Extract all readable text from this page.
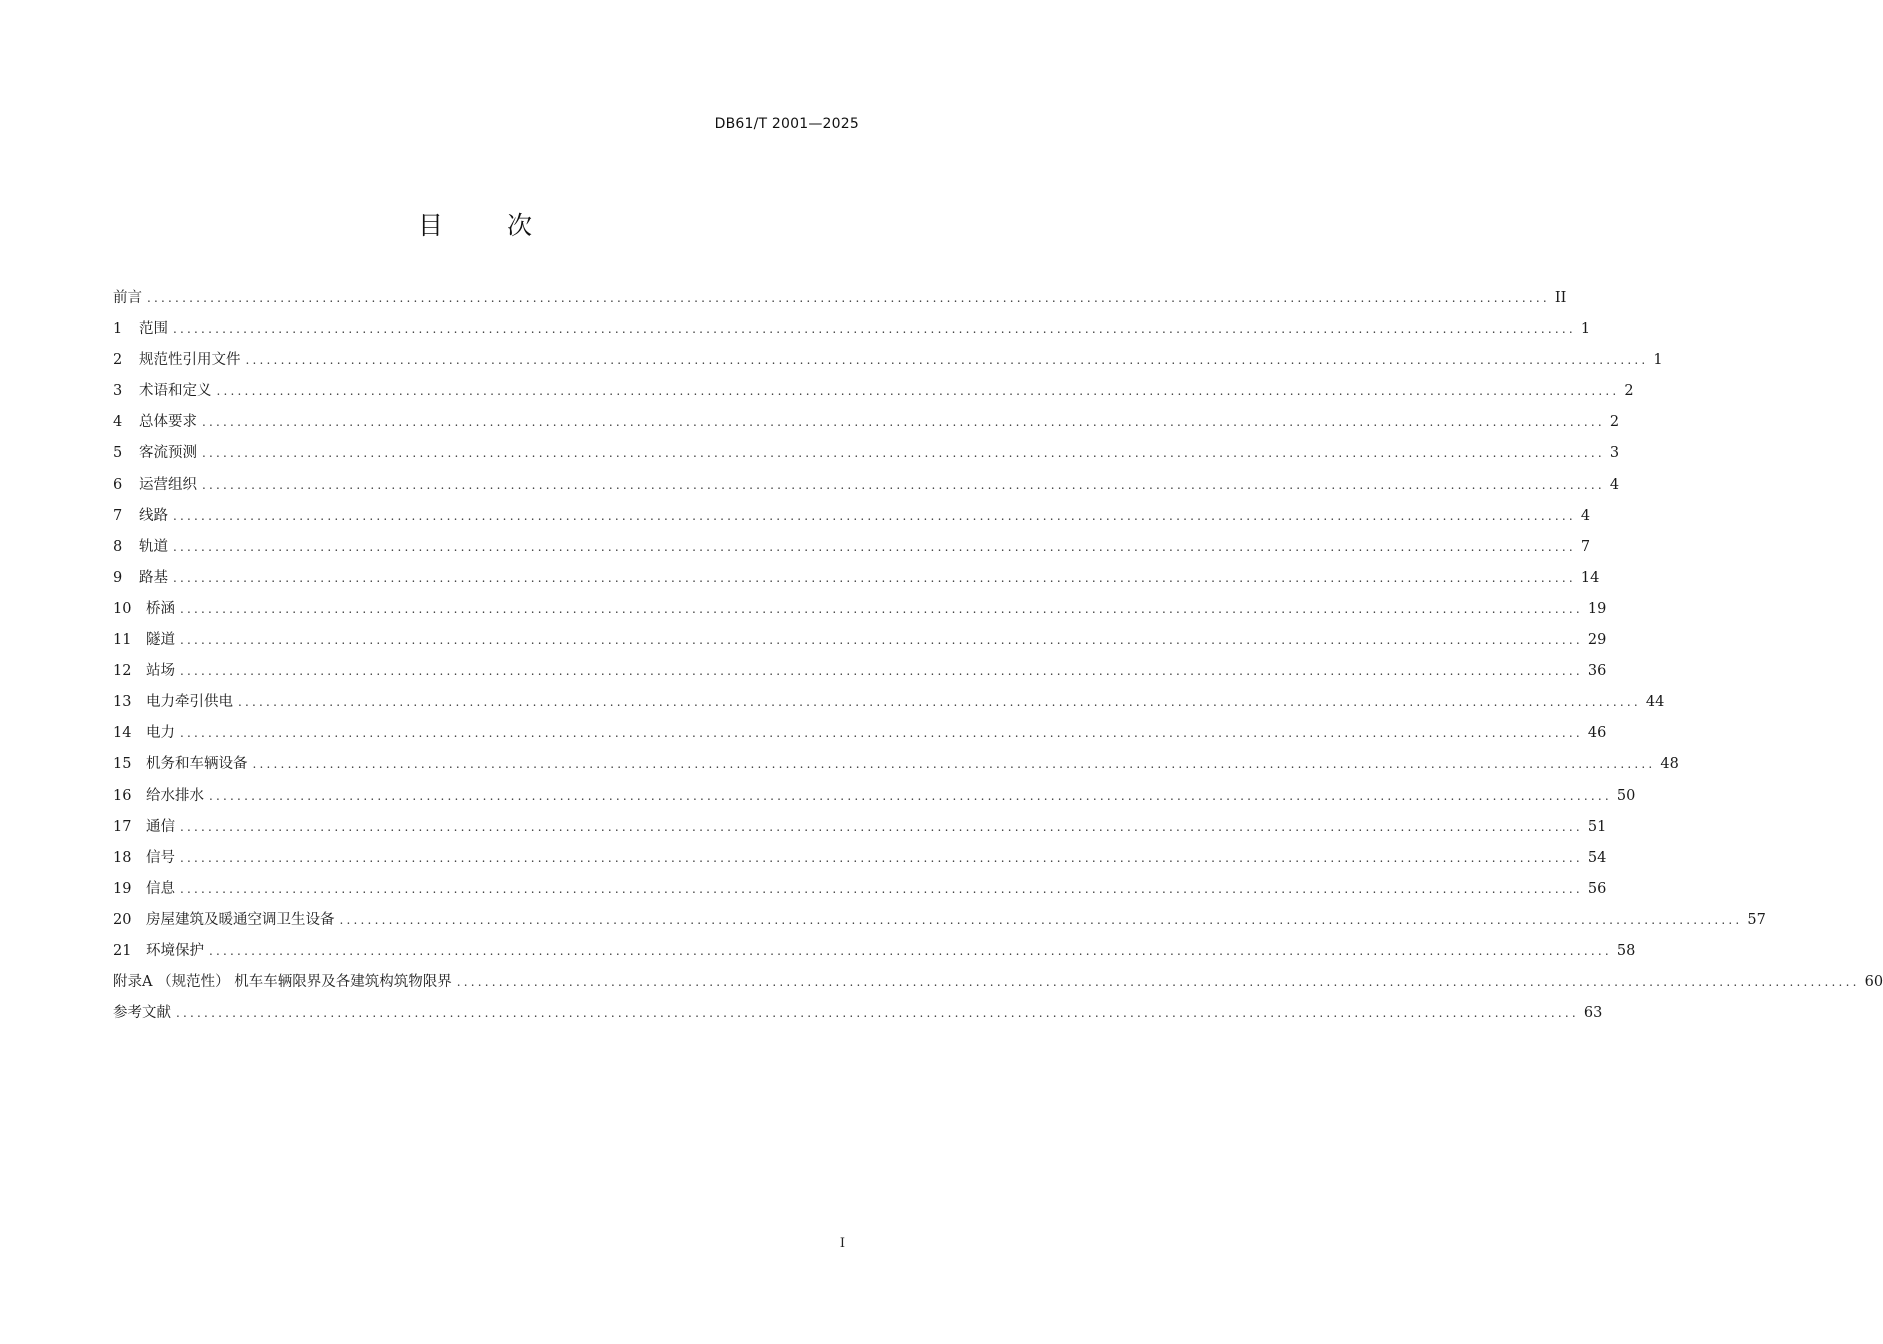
DB61/T 2001—2025
目	次
前言 ........................................................................................................................................................................................................ II
1	范围 ........................................................................................................................................................................................................ 1
2	规范性引用文件 ........................................................................................................................................................................................................ 1
3	术语和定义 ........................................................................................................................................................................................................ 2
4	总体要求 ........................................................................................................................................................................................................ 2
5	客流预测 ........................................................................................................................................................................................................ 3
6	运营组织 ........................................................................................................................................................................................................ 4
7	线路 ........................................................................................................................................................................................................ 4
8	轨道 ........................................................................................................................................................................................................ 7
9	路基 ........................................................................................................................................................................................................ 14
10	桥涵 ........................................................................................................................................................................................................ 19
11	隧道 ........................................................................................................................................................................................................ 29
12	站场 ........................................................................................................................................................................................................ 36
13	电力牵引供电 ........................................................................................................................................................................................................ 44
14	电力 ........................................................................................................................................................................................................ 46
15	机务和车辆设备 ........................................................................................................................................................................................................ 48
16	给水排水 ........................................................................................................................................................................................................ 50
17	通信 ........................................................................................................................................................................................................ 51
18	信号 ........................................................................................................................................................................................................ 54
19	信息 ........................................................................................................................................................................................................ 56
20	房屋建筑及暖通空调卫生设备 ........................................................................................................................................................................................................ 57
21	环境保护 ........................................................................................................................................................................................................ 58
附录A （规范性） 机车车辆限界及各建筑构筑物限界 ........................................................................................................................................................................................................ 60
参考文献 ........................................................................................................................................................................................................ 63
I
